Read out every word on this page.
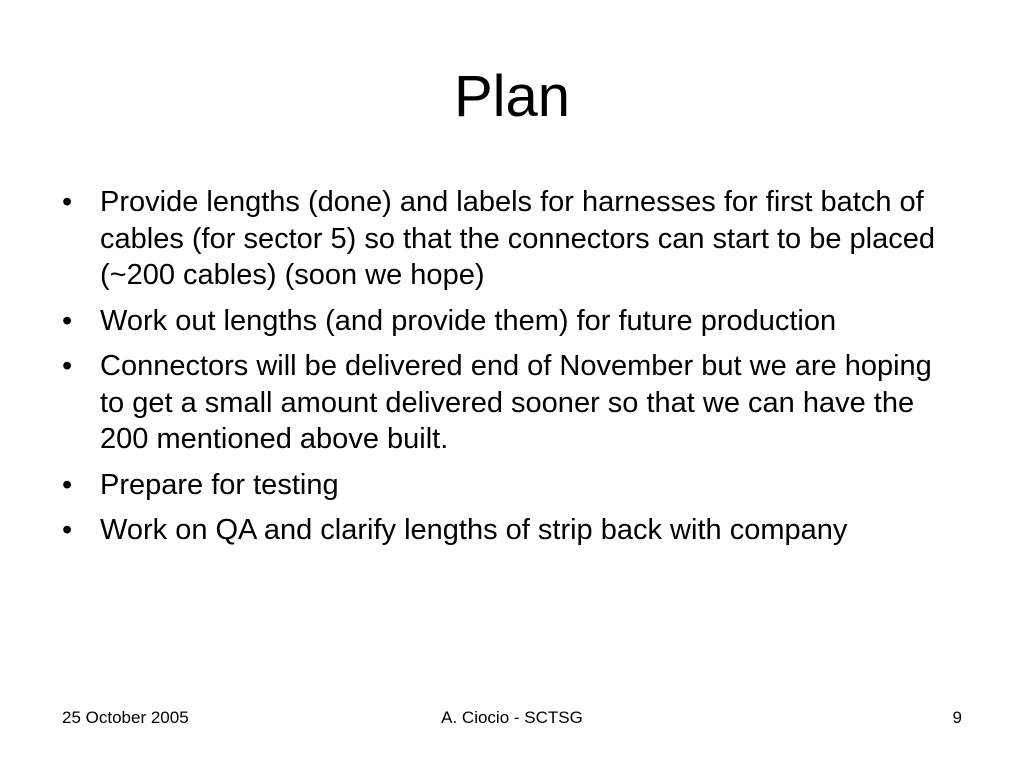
Plan
• Provide lengths (done) and labels for harnesses for first batch of cables (for sector 5) so that the connectors can start to be placed (~200 cables) (soon we hope)
• Work out lengths (and provide them) for future production
• Connectors will be delivered end of November but we are hoping to get a small amount delivered sooner so that we can have the 200 mentioned above built.
• Prepare for testing
• Work on QA and clarify lengths of strip back with company
25 October 2005	A. Ciocio - SCTSG	9
